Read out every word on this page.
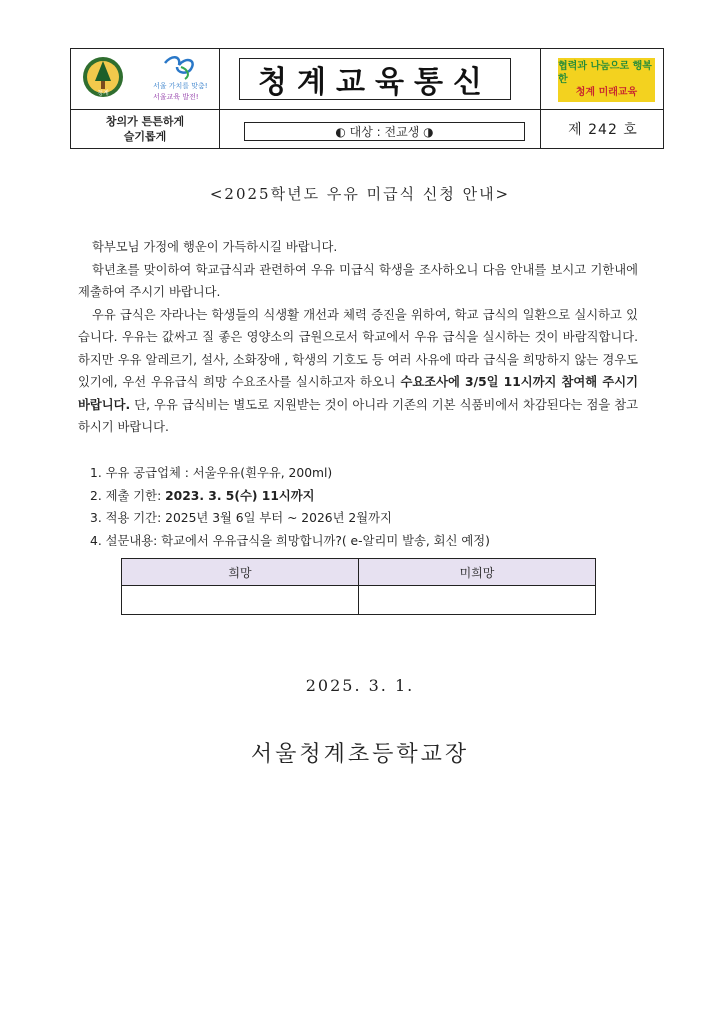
청계
서울 가치를 맞춤!
서울교육 발전! 청계교육통신	협력과 나눔으로 행복한
청계 미래교육
창의가 튼튼하게
슬기롭게	◐ 대상 : 전교생 ◑	제 242 호
<2025학년도 우유 미급식 신청 안내>

학부모님 가정에 행운이 가득하시길 바랍니다.

학년초를 맞이하여 학교급식과 관련하여 우유 미급식 학생을 조사하오니 다음 안내를 보시고 기한내에 제출하여 주시기 바랍니다.

우유 급식은 자라나는 학생들의 식생활 개선과 체력 증진을 위하여, 학교 급식의 일환으로 실시하고 있습니다. 우유는 값싸고 질 좋은 영양소의 급원으로서 학교에서 우유 급식을 실시하는 것이 바람직합니다. 하지만 우유 알레르기, 설사, 소화장애 , 학생의 기호도 등 여러 사유에 따라 급식을 희망하지 않는 경우도 있기에, 우선 우유급식 희망 수요조사를 실시하고자 하오니 수요조사에 3/5일 11시까지 참여해 주시기 바랍니다. 단, 우유 급식비는 별도로 지원받는 것이 아니라 기존의 기본 식품비에서 차감된다는 점을 참고하시기 바랍니다.

1. 우유 공급업체 : 서울우유(흰우유, 200ml)
2. 제출 기한: 2023. 3. 5(수) 11시까지
3. 적용 기간: 2025년 3월 6일 부터 ~ 2026년 2월까지
4. 설문내용: 학교에서 우유급식을 희망합니까?( e-알리미 발송, 회신 예정)
희망	미희망

2025. 3. 1.
서울청계초등학교장
